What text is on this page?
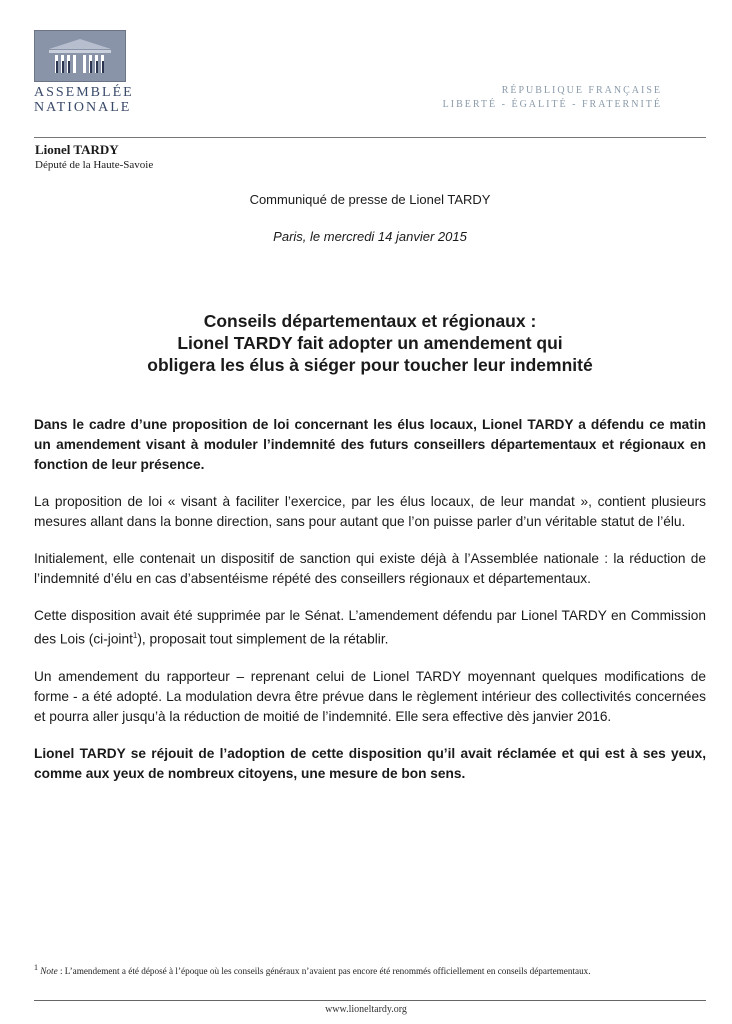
ASSEMBLÉE
NATIONALE
RÉPUBLIQUE FRANÇAISE
LIBERTÉ - ÉGALITÉ - FRATERNITÉ
Lionel TARDY
Député de la Haute-Savoie
Communiqué de presse de Lionel TARDY
Paris, le mercredi 14 janvier 2015
Conseils départementaux et régionaux :
Lionel TARDY fait adopter un amendement qui
obligera les élus à siéger pour toucher leur indemnité

Dans le cadre d’une proposition de loi concernant les élus locaux, Lionel TARDY a défendu ce matin un amendement visant à moduler l’indemnité des futurs conseillers départementaux et régionaux en fonction de leur présence.

La proposition de loi « visant à faciliter l’exercice, par les élus locaux, de leur mandat », contient plusieurs mesures allant dans la bonne direction, sans pour autant que l’on puisse parler d’un véritable statut de l’élu.

Initialement, elle contenait un dispositif de sanction qui existe déjà à l’Assemblée nationale : la réduction de l’indemnité d’élu en cas d’absentéisme répété des conseillers régionaux et départementaux.

Cette disposition avait été supprimée par le Sénat. L’amendement défendu par Lionel TARDY en Commission des Lois (ci-joint$^1$), proposait tout simplement de la rétablir.

Un amendement du rapporteur – reprenant celui de Lionel TARDY moyennant quelques modifications de forme - a été adopté. La modulation devra être prévue dans le règlement intérieur des collectivités concernées et pourra aller jusqu’à la réduction de moitié de l’indemnité. Elle sera effective dès janvier 2016.

Lionel TARDY se réjouit de l’adoption de cette disposition qu’il avait réclamée et qui est à ses yeux, comme aux yeux de nombreux citoyens, une mesure de bon sens.

$^1$ Note : L’amendement a été déposé à l’époque où les conseils généraux n’avaient pas encore été renommés officiellement en conseils départementaux.
www.lioneltardy.org
